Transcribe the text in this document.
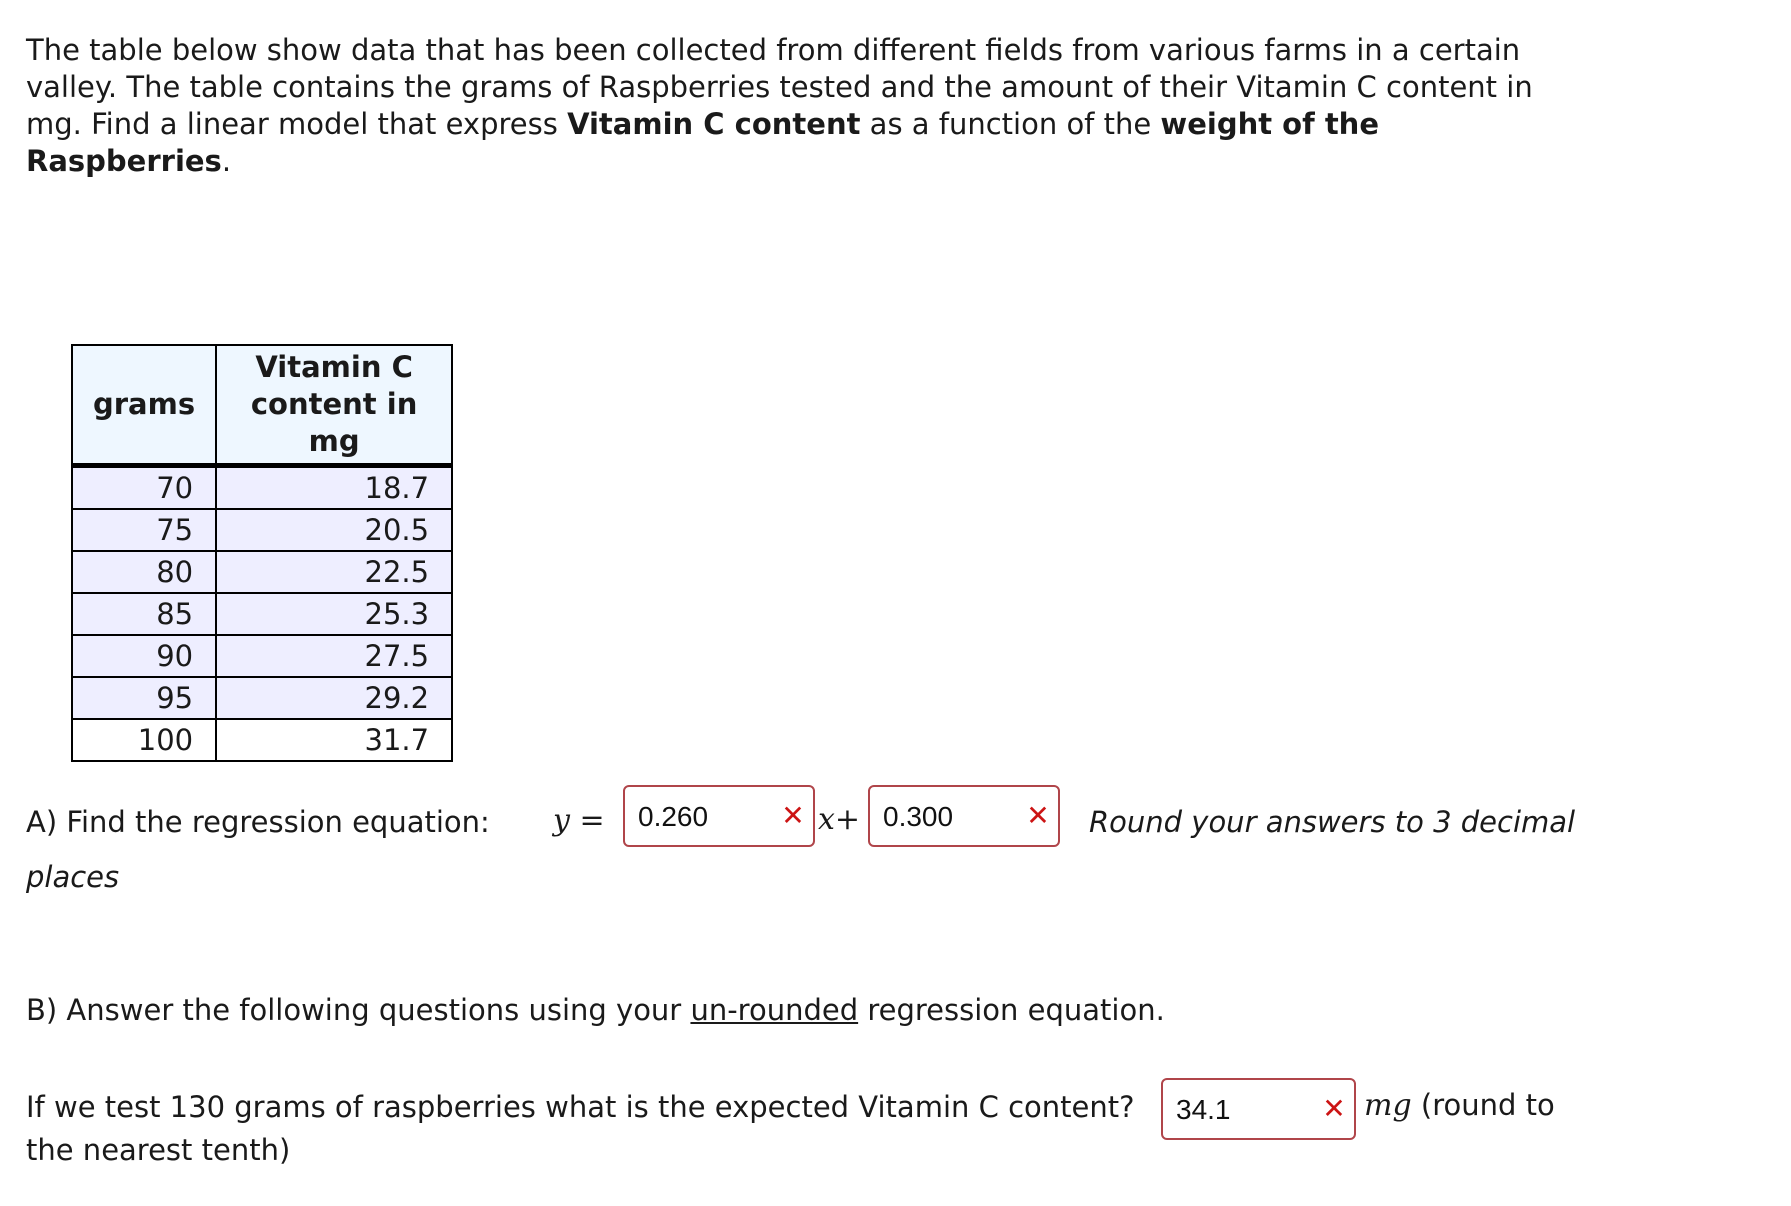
The table below show data that has been collected from different fields from various farms in a certain valley. The table contains the grams of Raspberries tested and the amount of their Vitamin C content in mg. Find a linear model that express Vitamin C content as a function of the weight of the Raspberries.

grams	Vitamin C content in mg
70	18.7
75	20.5
80	22.5
85	25.3
90	27.5
95	29.2
100	31.7
A) Find the regression equation: y = 0.260	✕ x+ 0.300	✕ Round your answers to 3 decimal
places
B) Answer the following questions using your un-rounded regression equation.
If we test 130 grams of raspberries what is the expected Vitamin C content? 34.1	✕ mg (round to
the nearest tenth)
